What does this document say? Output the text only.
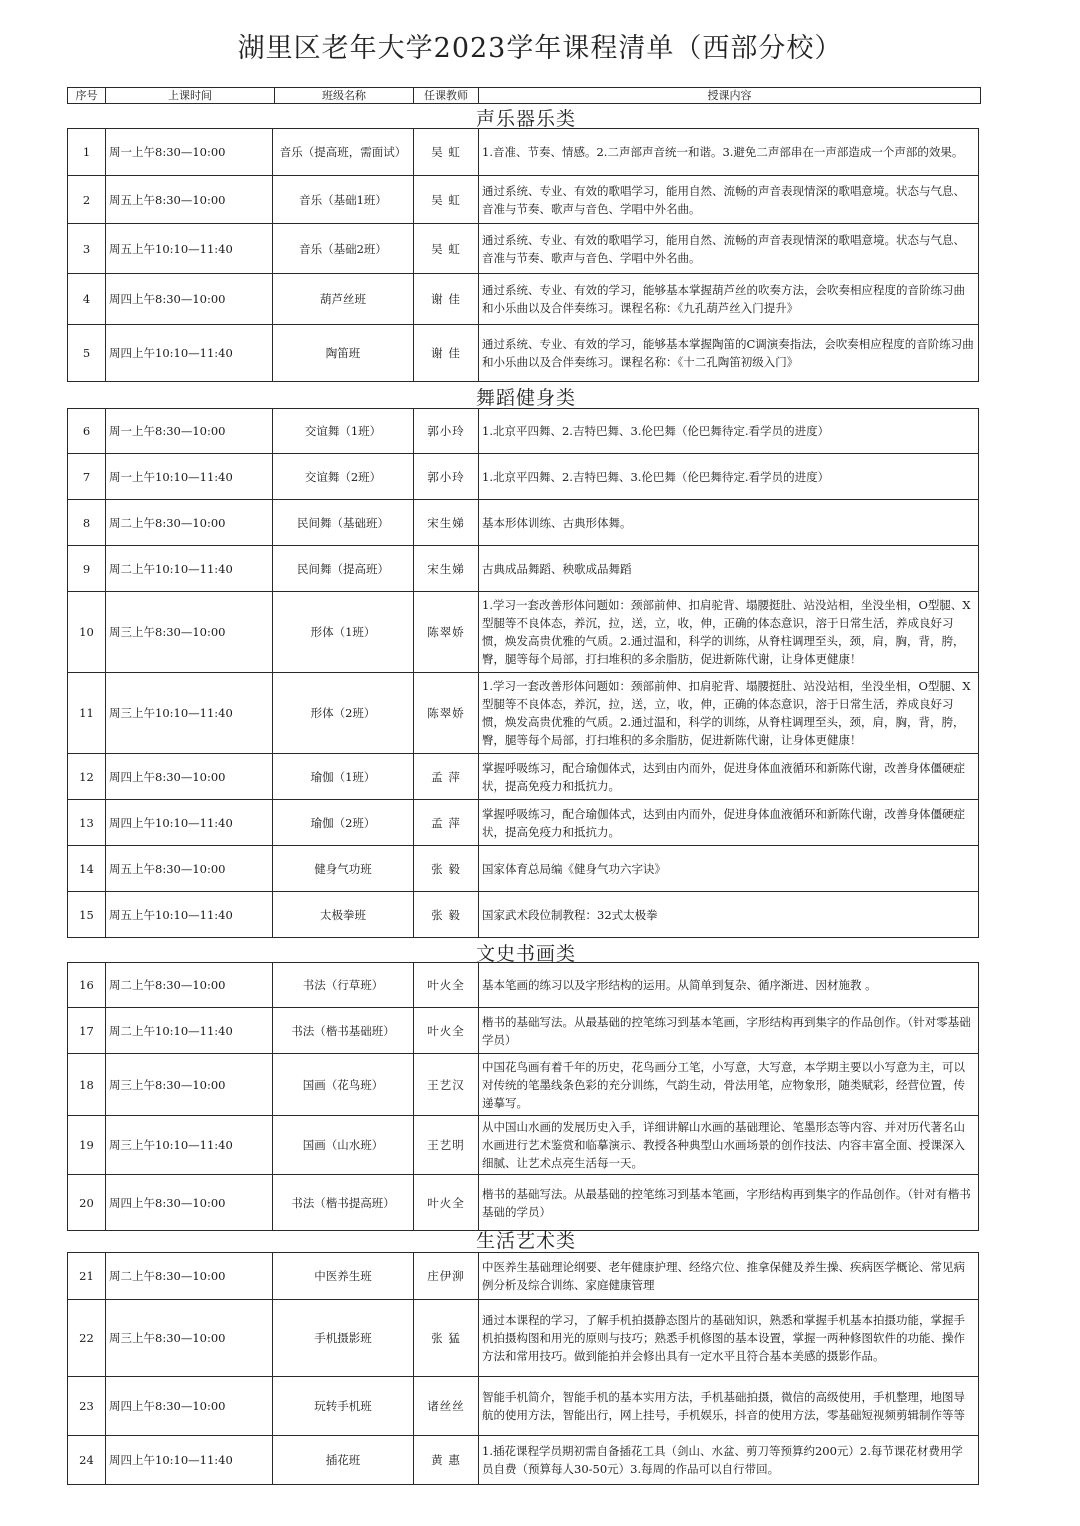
湖里区老年大学2023学年课程清单（西部分校）
序号	上课时间	班级名称	任课教师	授课内容
声乐器乐类
1	周一上午8:30—10:00	音乐（提高班，需面试）	吴 虹	1.音准、节奏、情感。2.二声部声音统一和谐。3.避免二声部串在一声部造成一个声部的效果。
2	周五上午8:30—10:00	音乐（基础1班）	吴 虹	通过系统、专业、有效的歌唱学习，能用自然、流畅的声音表现情深的歌唱意境。状态与气息、音准与节奏、歌声与音色、学唱中外名曲。
3	周五上午10:10—11:40	音乐（基础2班）	吴 虹	通过系统、专业、有效的歌唱学习，能用自然、流畅的声音表现情深的歌唱意境。状态与气息、音准与节奏、歌声与音色、学唱中外名曲。
4	周四上午8:30—10:00	葫芦丝班	谢 佳	通过系统、专业、有效的学习，能够基本掌握葫芦丝的吹奏方法，会吹奏相应程度的音阶练习曲和小乐曲以及合伴奏练习。课程名称：《九孔葫芦丝入门提升》
5	周四上午10:10—11:40	陶笛班	谢 佳	通过系统、专业、有效的学习，能够基本掌握陶笛的C调演奏指法，会吹奏相应程度的音阶练习曲和小乐曲以及合伴奏练习。课程名称：《十二孔陶笛初级入门》
舞蹈健身类
6	周一上午8:30—10:00	交谊舞（1班）	郭小玲	1.北京平四舞、2.吉特巴舞、3.伦巴舞（伦巴舞待定.看学员的进度）
7	周一上午10:10—11:40	交谊舞（2班）	郭小玲	1.北京平四舞、2.吉特巴舞、3.伦巴舞（伦巴舞待定.看学员的进度）
8	周二上午8:30—10:00	民间舞（基础班）	宋生娣	基本形体训练、古典形体舞。
9	周二上午10:10—11:40	民间舞（提高班）	宋生娣	古典成品舞蹈、秧歌成品舞蹈
10	周三上午8:30—10:00	形体（1班）	陈翠娇	1.学习一套改善形体问题如：颈部前伸、扣肩驼背、塌腰挺肚、站没站相，坐没坐相，O型腿、X型腿等不良体态，养沉，拉，送，立，收，伸，正确的体态意识，溶于日常生活，养成良好习惯，焕发高贵优雅的气质。2.通过温和，科学的训练，从脊柱调理至头，颈，肩，胸，背，胯，臀，腿等每个局部，打扫堆积的多余脂肪，促进新陈代谢，让身体更健康！
11	周三上午10:10—11:40	形体（2班）	陈翠娇	1.学习一套改善形体问题如：颈部前伸、扣肩驼背、塌腰挺肚、站没站相，坐没坐相，O型腿、X型腿等不良体态，养沉，拉，送，立，收，伸，正确的体态意识，溶于日常生活，养成良好习惯，焕发高贵优雅的气质。2.通过温和，科学的训练，从脊柱调理至头，颈，肩，胸，背，胯，臀，腿等每个局部，打扫堆积的多余脂肪，促进新陈代谢，让身体更健康！
12	周四上午8:30—10:00	瑜伽（1班）	孟 萍	掌握呼吸练习，配合瑜伽体式，达到由内而外，促进身体血液循环和新陈代谢，改善身体僵硬症状，提高免疫力和抵抗力。
13	周四上午10:10—11:40	瑜伽（2班）	孟 萍	掌握呼吸练习，配合瑜伽体式，达到由内而外，促进身体血液循环和新陈代谢，改善身体僵硬症状，提高免疫力和抵抗力。
14	周五上午8:30—10:00	健身气功班	张 毅	国家体育总局编《健身气功六字诀》
15	周五上午10:10—11:40	太极拳班	张 毅	国家武术段位制教程：32式太极拳
文史书画类
16	周二上午8:30—10:00	书法（行草班）	叶火全	基本笔画的练习以及字形结构的运用。从简单到复杂、循序渐进、因材施教 。
17	周二上午10:10—11:40	书法（楷书基础班）	叶火全	楷书的基础写法。从最基础的控笔练习到基本笔画，字形结构再到集字的作品创作。（针对零基础学员）
18	周三上午8:30—10:00	国画（花鸟班）	王艺汉	中国花鸟画有着千年的历史，花鸟画分工笔，小写意，大写意，本学期主要以小写意为主，可以对传统的笔墨线条色彩的充分训练，气韵生动，骨法用笔，应物象形，随类赋彩，经营位置，传递摹写。
19	周三上午10:10—11:40	国画（山水班）	王艺明	从中国山水画的发展历史入手，详细讲解山水画的基础理论、笔墨形态等内容、并对历代著名山水画进行艺术鉴赏和临摹演示、教授各种典型山水画场景的创作技法、内容丰富全面、授课深入细腻、让艺术点亮生活每一天。
20	周四上午8:30—10:00	书法（楷书提高班）	叶火全	楷书的基础写法。从最基础的控笔练习到基本笔画，字形结构再到集字的作品创作。（针对有楷书基础的学员）
生活艺术类
21	周二上午8:30—10:00	中医养生班	庄伊泖	中医养生基础理论纲要、老年健康护理、经络穴位、推拿保健及养生操、疾病医学概论、常见病例分析及综合训练、家庭健康管理
22	周三上午8:30—10:00	手机摄影班	张 猛	通过本课程的学习，了解手机拍摄静态图片的基础知识，熟悉和掌握手机基本拍摄功能，掌握手机拍摄构图和用光的原则与技巧；熟悉手机修图的基本设置，掌握一两种修图软件的功能、操作方法和常用技巧。做到能拍并会修出具有一定水平且符合基本美感的摄影作品。
23	周四上午8:30—10:00	玩转手机班	诸丝丝	智能手机简介，智能手机的基本实用方法，手机基础拍摄，微信的高级使用，手机整理，地图导航的使用方法，智能出行，网上挂号，手机娱乐，抖音的使用方法，零基础短视频剪辑制作等等
24	周四上午10:10—11:40	插花班	黄 惠	1.插花课程学员期初需自备插花工具（剑山、水盆、剪刀等预算约200元）2.每节课花材费用学员自费（预算每人30-50元）3.每周的作品可以自行带回。
